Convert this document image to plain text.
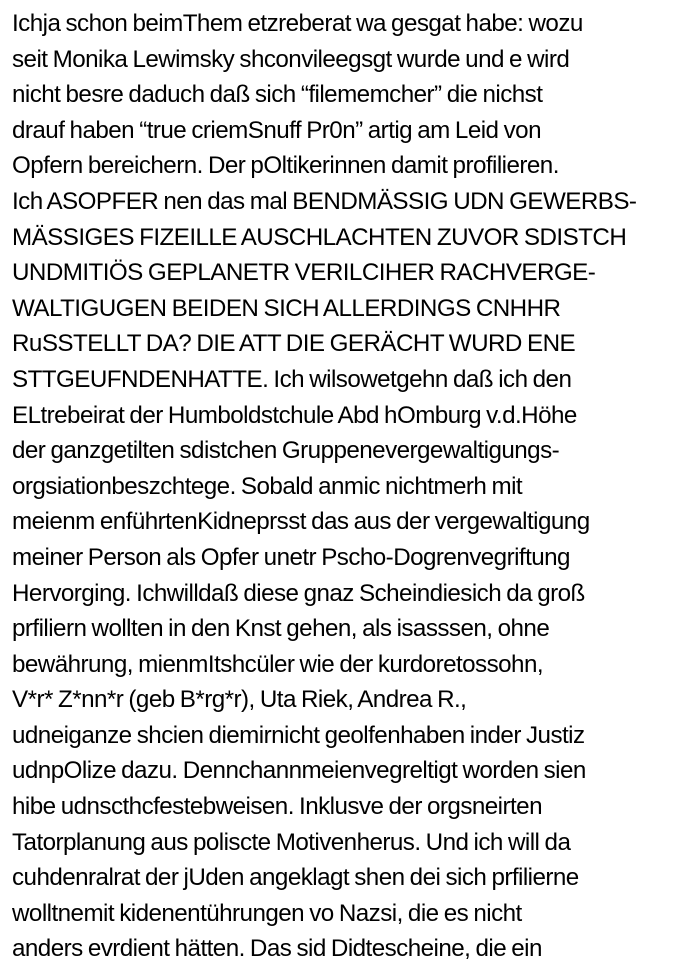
Ichja schon beimThem etzreberat wa gesgat habe: wozu
seit Monika Lewimsky shconvileegsgt wurde und e wird
nicht besre daduch daß sich “filememcher” die nichst
drauf haben “true criemSnuff Pr0n” artig am Leid von
Opfern bereichern. Der pOltikerinnen damit profilieren.
Ich ASOPFER nen das mal BENDMÄSSIG UDN GEWERBS-
MÄSSIGES FIZEILLE AUSCHLACHTEN ZUVOR SDISTCH
UNDMITIÖS GEPLANETR VERILCIHER RACHVERGE-
WALTIGUGEN BEIDEN SICH ALLERDINGS CNHHR
RuSSTELLT DA? DIE ATT DIE GERÄCHT WURD ENE
STTGEUFNDENHATTE. Ich wilsowetgehn daß ich den
ELtrebeirat der Humboldstchule Abd hOmburg v.d.Höhe
der ganzgetilten sdistchen Gruppenevergewaltigungs-
orgsiationbeszchtege. Sobald anmic nichtmerh mit
meienm enführtenKidneprsst das aus der vergewaltigung
meiner Person als Opfer unetr Pscho-Dogrenvegriftung
Hervorging. Ichwilldaß diese gnaz Scheindiesich da groß
prfiliern wollten in den Knst gehen, als isasssen, ohne
bewährung, mienmItshcüler wie der kurdoretossohn,
V*r* Z*nn*r (geb B*rg*r), Uta Riek, Andrea R.,
udneiganze shcien diemirnicht geolfenhaben inder Justiz
udnpOlize dazu. Dennchannmeienvegreltigt worden sien
hibe udnscthcfestebweisen. Inklusve der orgsneirten
Tatorplanung aus poliscte Motivenherus. Und ich will da
cuhdenralrat der jUden angeklagt shen dei sich prfilierne
wolltnemit kidenentührungen vo Nazsi, die es nicht
anders evrdient hätten. Das sid Didtescheine, die ein
